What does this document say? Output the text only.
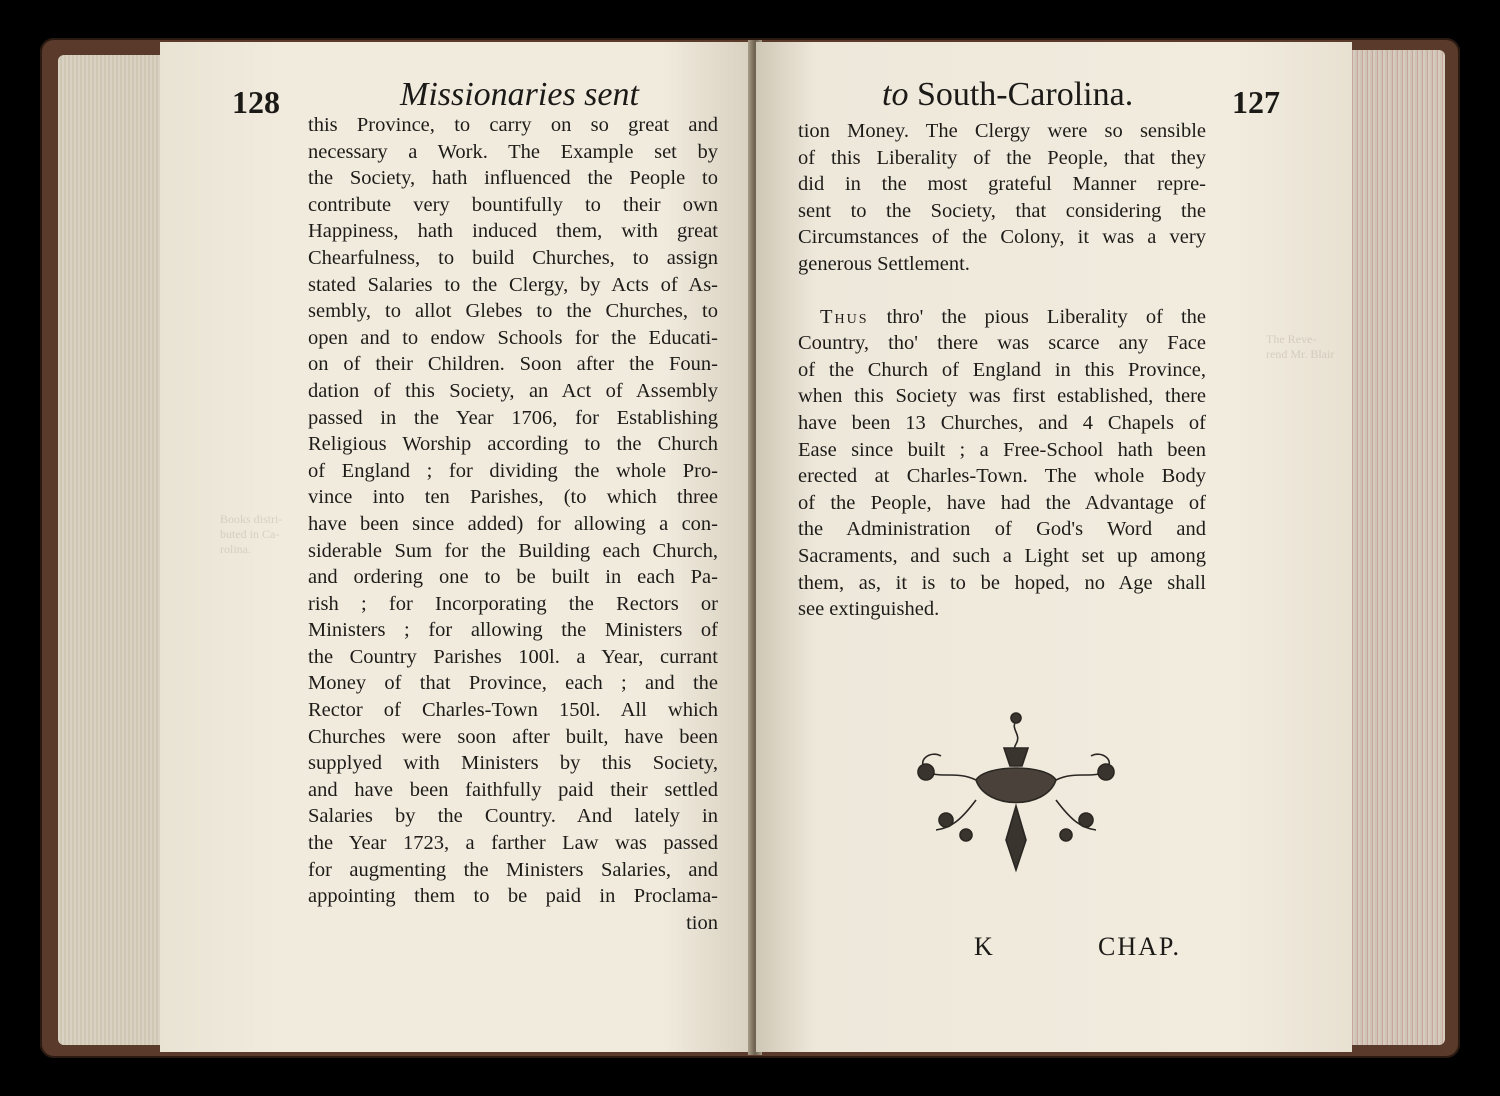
128	Missionaries sent
Books distri-buted in Ca-rolina.
this Province, to carry on so great and
necessary a Work. The Example set by
the Society, hath influenced the People to
contribute very bountifully to their own
Happiness, hath induced them, with great
Chearfulness, to build Churches, to assign
stated Salaries to the Clergy, by Acts of As-
sembly, to allot Glebes to the Churches, to
open and to endow Schools for the Educati-
on of their Children. Soon after the Foun-
dation of this Society, an Act of Assembly
passed in the Year 1706, for Establishing
Religious Worship according to the Church
of England ; for dividing the whole Pro-
vince into ten Parishes, (to which three
have been since added) for allowing a con-
siderable Sum for the Building each Church,
and ordering one to be built in each Pa-
rish ; for Incorporating the Rectors or
Ministers ; for allowing the Ministers of
the Country Parishes 100l. a Year, currant
Money of that Province, each ; and the
Rector of Charles-Town 150l. All which
Churches were soon after built, have been
supplyed with Ministers by this Society,
and have been faithfully paid their settled
Salaries by the Country. And lately in
the Year 1723, a farther Law was passed
for augmenting the Ministers Salaries, and
appointing them to be paid in Proclama-
tion
to South-Carolina.	127
The Reve-rend Mr. Blair
tion Money. The Clergy were so sensible
of this Liberality of the People, that they
did in the most grateful Manner repre-
sent to the Society, that considering the
Circumstances of the Colony, it was a very
generous Settlement.
Thus thro' the pious Liberality of the
Country, tho' there was scarce any Face
of the Church of England in this Province,
when this Society was first established, there
have been 13 Churches, and 4 Chapels of
Ease since built ; a Free-School hath been
erected at Charles-Town. The whole Body
of the People, have had the Advantage of
the Administration of God's Word and
Sacraments, and such a Light set up among
them, as, it is to be hoped, no Age shall
see extinguished.
K	CHAP.
